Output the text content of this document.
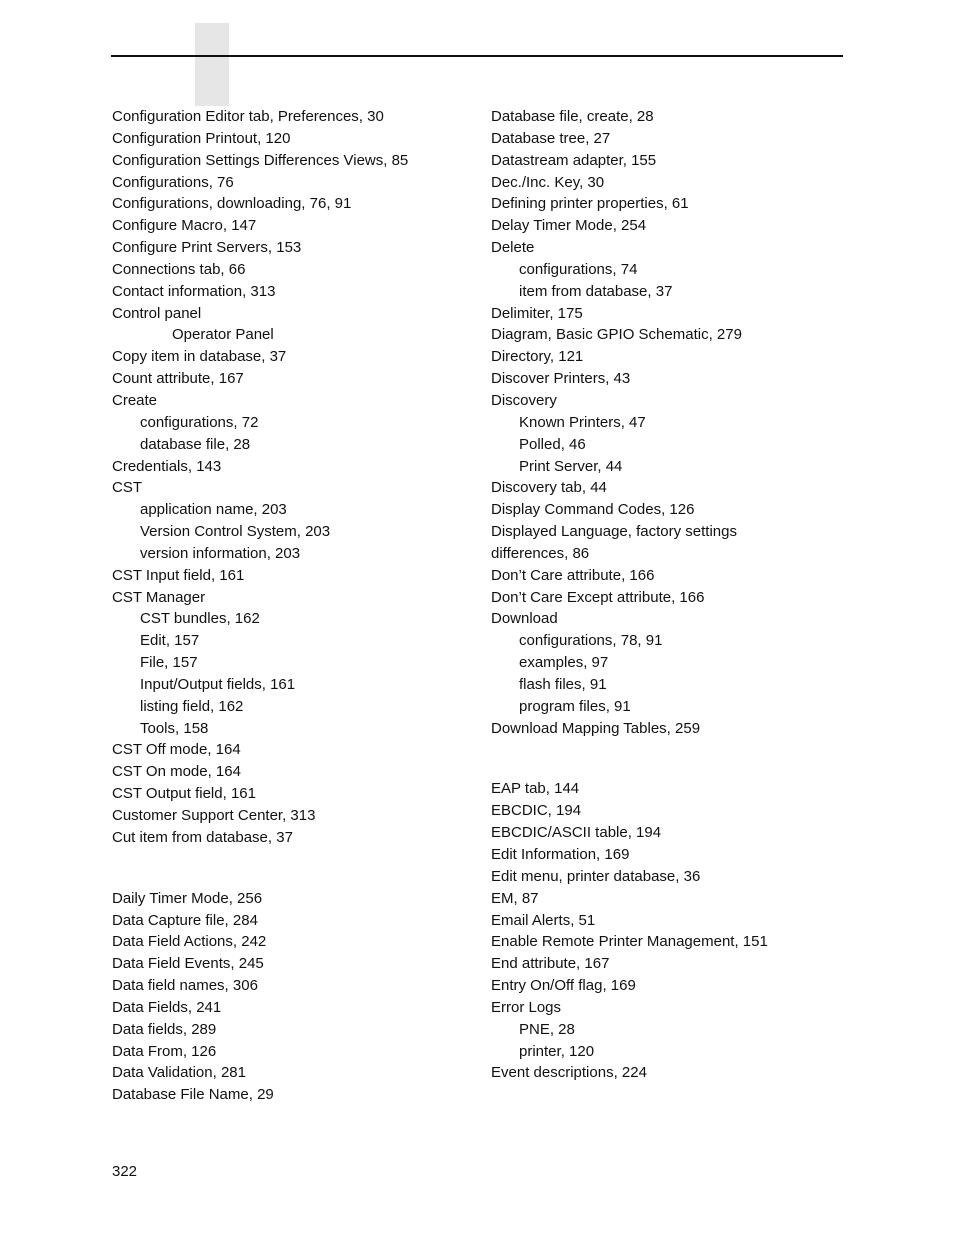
Configuration Editor tab, Preferences, 30
Configuration Printout, 120
Configuration Settings Differences Views, 85
Configurations, 76
Configurations, downloading, 76, 91
Configure Macro, 147
Configure Print Servers, 153
Connections tab, 66
Contact information, 313
Control panel
Operator Panel
Copy item in database, 37
Count attribute, 167
Create
configurations, 72
database file, 28
Credentials, 143
CST
application name, 203
Version Control System, 203
version information, 203
CST Input field, 161
CST Manager
CST bundles, 162
Edit, 157
File, 157
Input/Output fields, 161
listing field, 162
Tools, 158
CST Off mode, 164
CST On mode, 164
CST Output field, 161
Customer Support Center, 313
Cut item from database, 37
Daily Timer Mode, 256
Data Capture file, 284
Data Field Actions, 242
Data Field Events, 245
Data field names, 306
Data Fields, 241
Data fields, 289
Data From, 126
Data Validation, 281
Database File Name, 29
Database file, create, 28
Database tree, 27
Datastream adapter, 155
Dec./Inc. Key, 30
Defining printer properties, 61
Delay Timer Mode, 254
Delete
configurations, 74
item from database, 37
Delimiter, 175
Diagram, Basic GPIO Schematic, 279
Directory, 121
Discover Printers, 43
Discovery
Known Printers, 47
Polled, 46
Print Server, 44
Discovery tab, 44
Display Command Codes, 126
Displayed Language, factory settings
differences, 86
Don’t Care attribute, 166
Don’t Care Except attribute, 166
Download
configurations, 78, 91
examples, 97
flash files, 91
program files, 91
Download Mapping Tables, 259
EAP tab, 144
EBCDIC, 194
EBCDIC/ASCII table, 194
Edit Information, 169
Edit menu, printer database, 36
EM, 87
Email Alerts, 51
Enable Remote Printer Management, 151
End attribute, 167
Entry On/Off flag, 169
Error Logs
PNE, 28
printer, 120
Event descriptions, 224
322
